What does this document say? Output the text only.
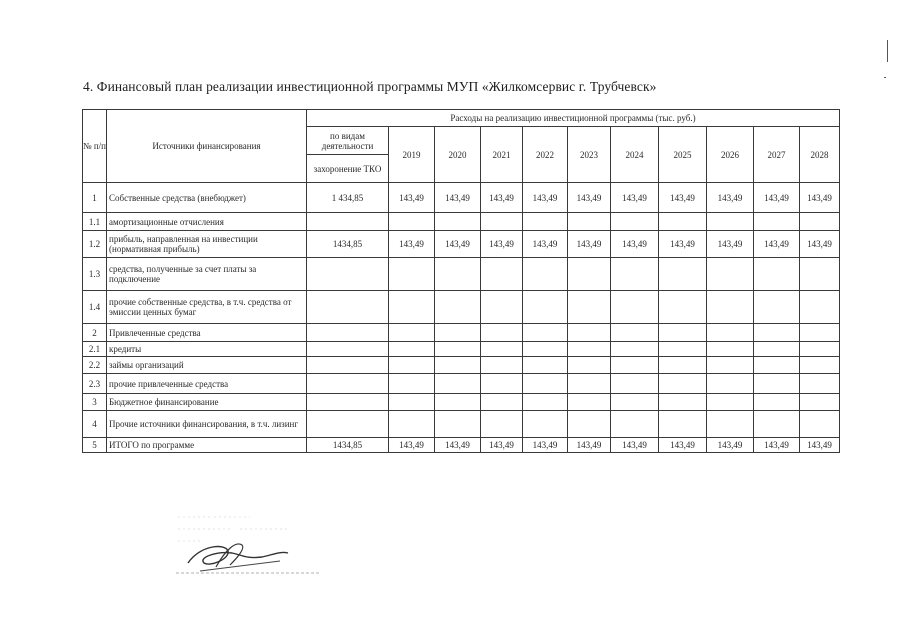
4. Финансовый план реализации инвестиционной программы МУП «Жилкомсервис г. Трубчевск»
№ п/п	Источники финансирования	Расходы на реализацию инвестиционной программы (тыс. руб.)										
		по видам деятельности	2019	2020	2021	2022	2023	2024	2025	2026	2027	2028
		захоронение ТКО										
1	Собственные средства (внебюджет)	1 434,85	143,49	143,49	143,49	143,49	143,49	143,49	143,49	143,49	143,49	143,49
1.1	амортизационные отчисления											
1.2	прибыль, направленная на инвестиции (нормативная прибыль)	1434,85	143,49	143,49	143,49	143,49	143,49	143,49	143,49	143,49	143,49	143,49
1.3	средства, полученные за счет платы за подключение											
1.4	прочие собственные средства, в т.ч. средства от эмиссии ценных бумаг											
2	Привлеченные средства											
2.1	кредиты											
2.2	займы организаций											
2.3	прочие привлеченные средства											
3	Бюджетное финансирование											
4	Прочие источники финансирования, в т.ч. лизинг											
5	ИТОГО по программе	1434,85	143,49	143,49	143,49	143,49	143,49	143,49	143,49	143,49	143,49	143,49
